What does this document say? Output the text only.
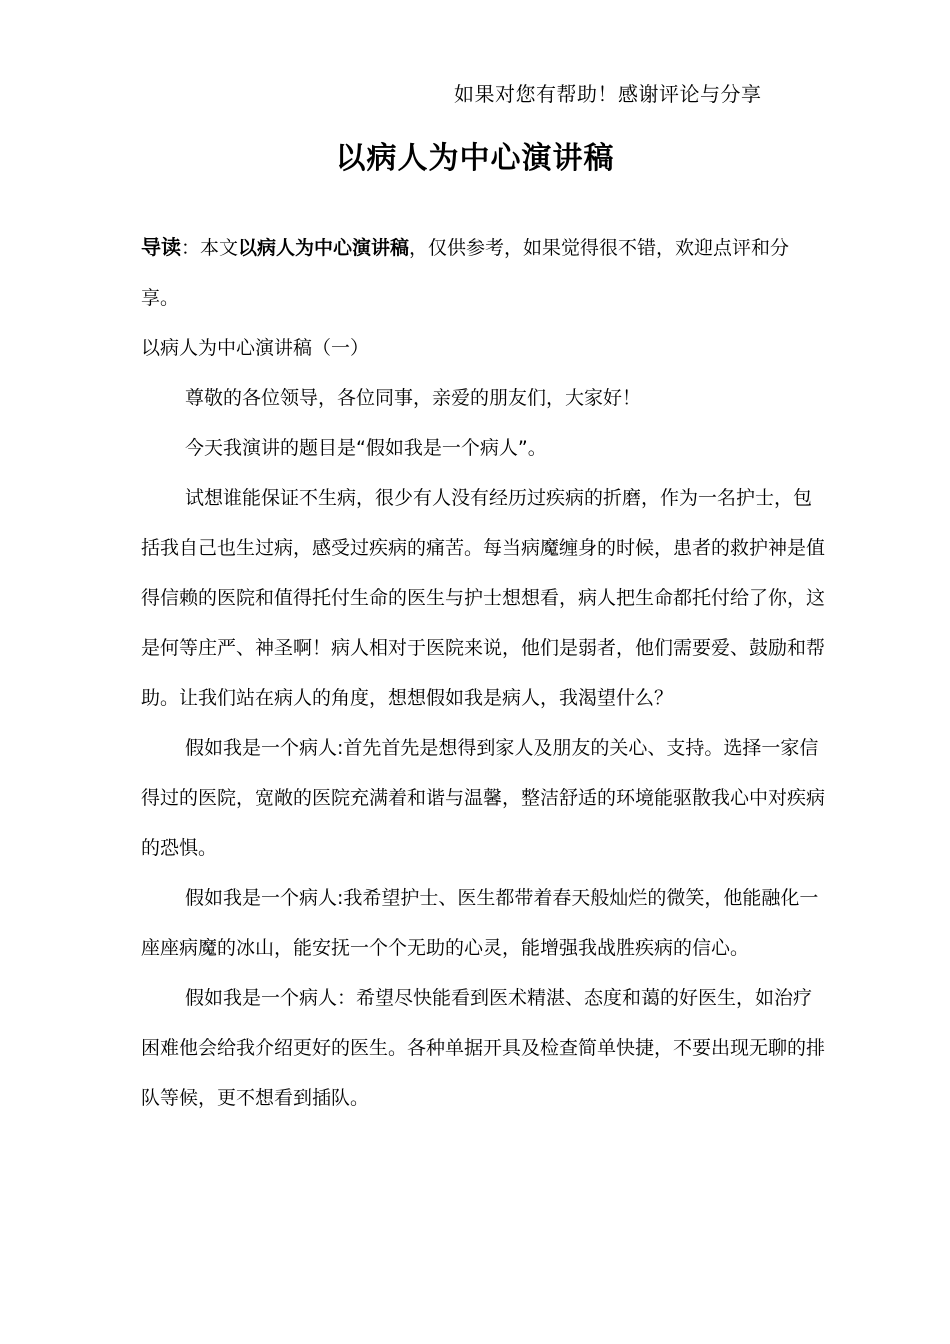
如果对您有帮助！感谢评论与分享
以病人为中心演讲稿

导读：本文以病人为中心演讲稿，仅供参考，如果觉得很不错，欢迎点评和分享。

以病人为中心演讲稿（一）

尊敬的各位领导，各位同事，亲爱的朋友们，大家好！

今天我演讲的题目是“假如我是一个病人”。

试想谁能保证不生病，很少有人没有经历过疾病的折磨，作为一名护士，包括我自己也生过病，感受过疾病的痛苦。每当病魔缠身的时候，患者的救护神是值得信赖的医院和值得托付生命的医生与护士想想看，病人把生命都托付给了你，这是何等庄严、神圣啊！病人相对于医院来说，他们是弱者，他们需要爱、鼓励和帮助。让我们站在病人的角度，想想假如我是病人，我渴望什么？

假如我是一个病人:首先首先是想得到家人及朋友的关心、支持。选择一家信得过的医院，宽敞的医院充满着和谐与温馨，整洁舒适的环境能驱散我心中对疾病的恐惧。

假如我是一个病人:我希望护士、医生都带着春天般灿烂的微笑，他能融化一座座病魔的冰山，能安抚一个个无助的心灵，能增强我战胜疾病的信心。

假如我是一个病人：希望尽快能看到医术精湛、态度和蔼的好医生，如治疗困难他会给我介绍更好的医生。各种单据开具及检查简单快捷，不要出现无聊的排队等候，更不想看到插队。
